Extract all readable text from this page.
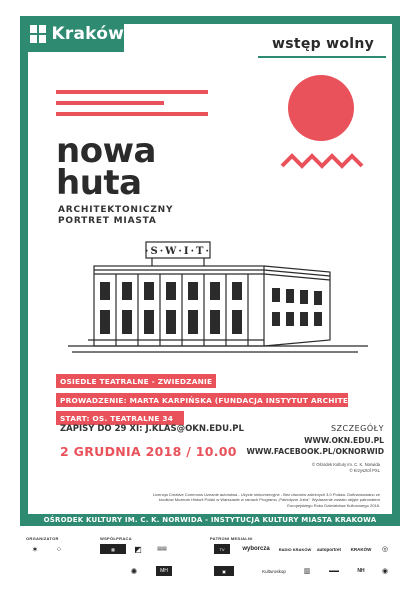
Kraków	wstęp wolny
nowa
huta
ARCHITEKTONICZNY
PORTRET MIASTA
·S·W·I·T·
OSIEDLE TEATRALNE - ZWIEDZANIE
PROWADZENIE: MARTA KARPIŃSKA (FUNDACJA INSTYTUT ARCHITEKTURY)
START: OS. TEATRALNE 34
ZAPISY DO 29 XI: J.KLAS@OKN.EDU.PL
2 GRUDNIA 2018 / 10.00
SZCZEGÓŁY
WWW.OKN.EDU.PL
WWW.FACEBOOK.PL/OKNORWID
© Ośrodek Kultury im. C. K. Norwida
© Krzysztof PXL
Licencja Creative Commons Uznanie autorstwa - Użycie niekomercyjne - Bez utworów zależnych 3.0 Polska. Dofinansowano ze środków Muzeum Historii Polski w Warszawie w ramach Programu „Patriotyzm Jutra”. Wydarzenie zostało objęte patronatem Europejskiego Roku Dziedzictwa Kulturowego 2018.
OŚRODEK KULTURY IM. C. K. NORWIDA - INSTYTUCJA KULTURY MIASTA KRAKOWA
ORGANIZATOR
✶	⁘
WSPÓŁPRACA
▦	◩	▤▤
✺	MH
PATRONI MEDIALNI
TV	wyborcza	RADIO KRAKÓW	autoportret	KRAKÓW	◎
▣	Kulturoskop	▥	▬▬	NH	◉
